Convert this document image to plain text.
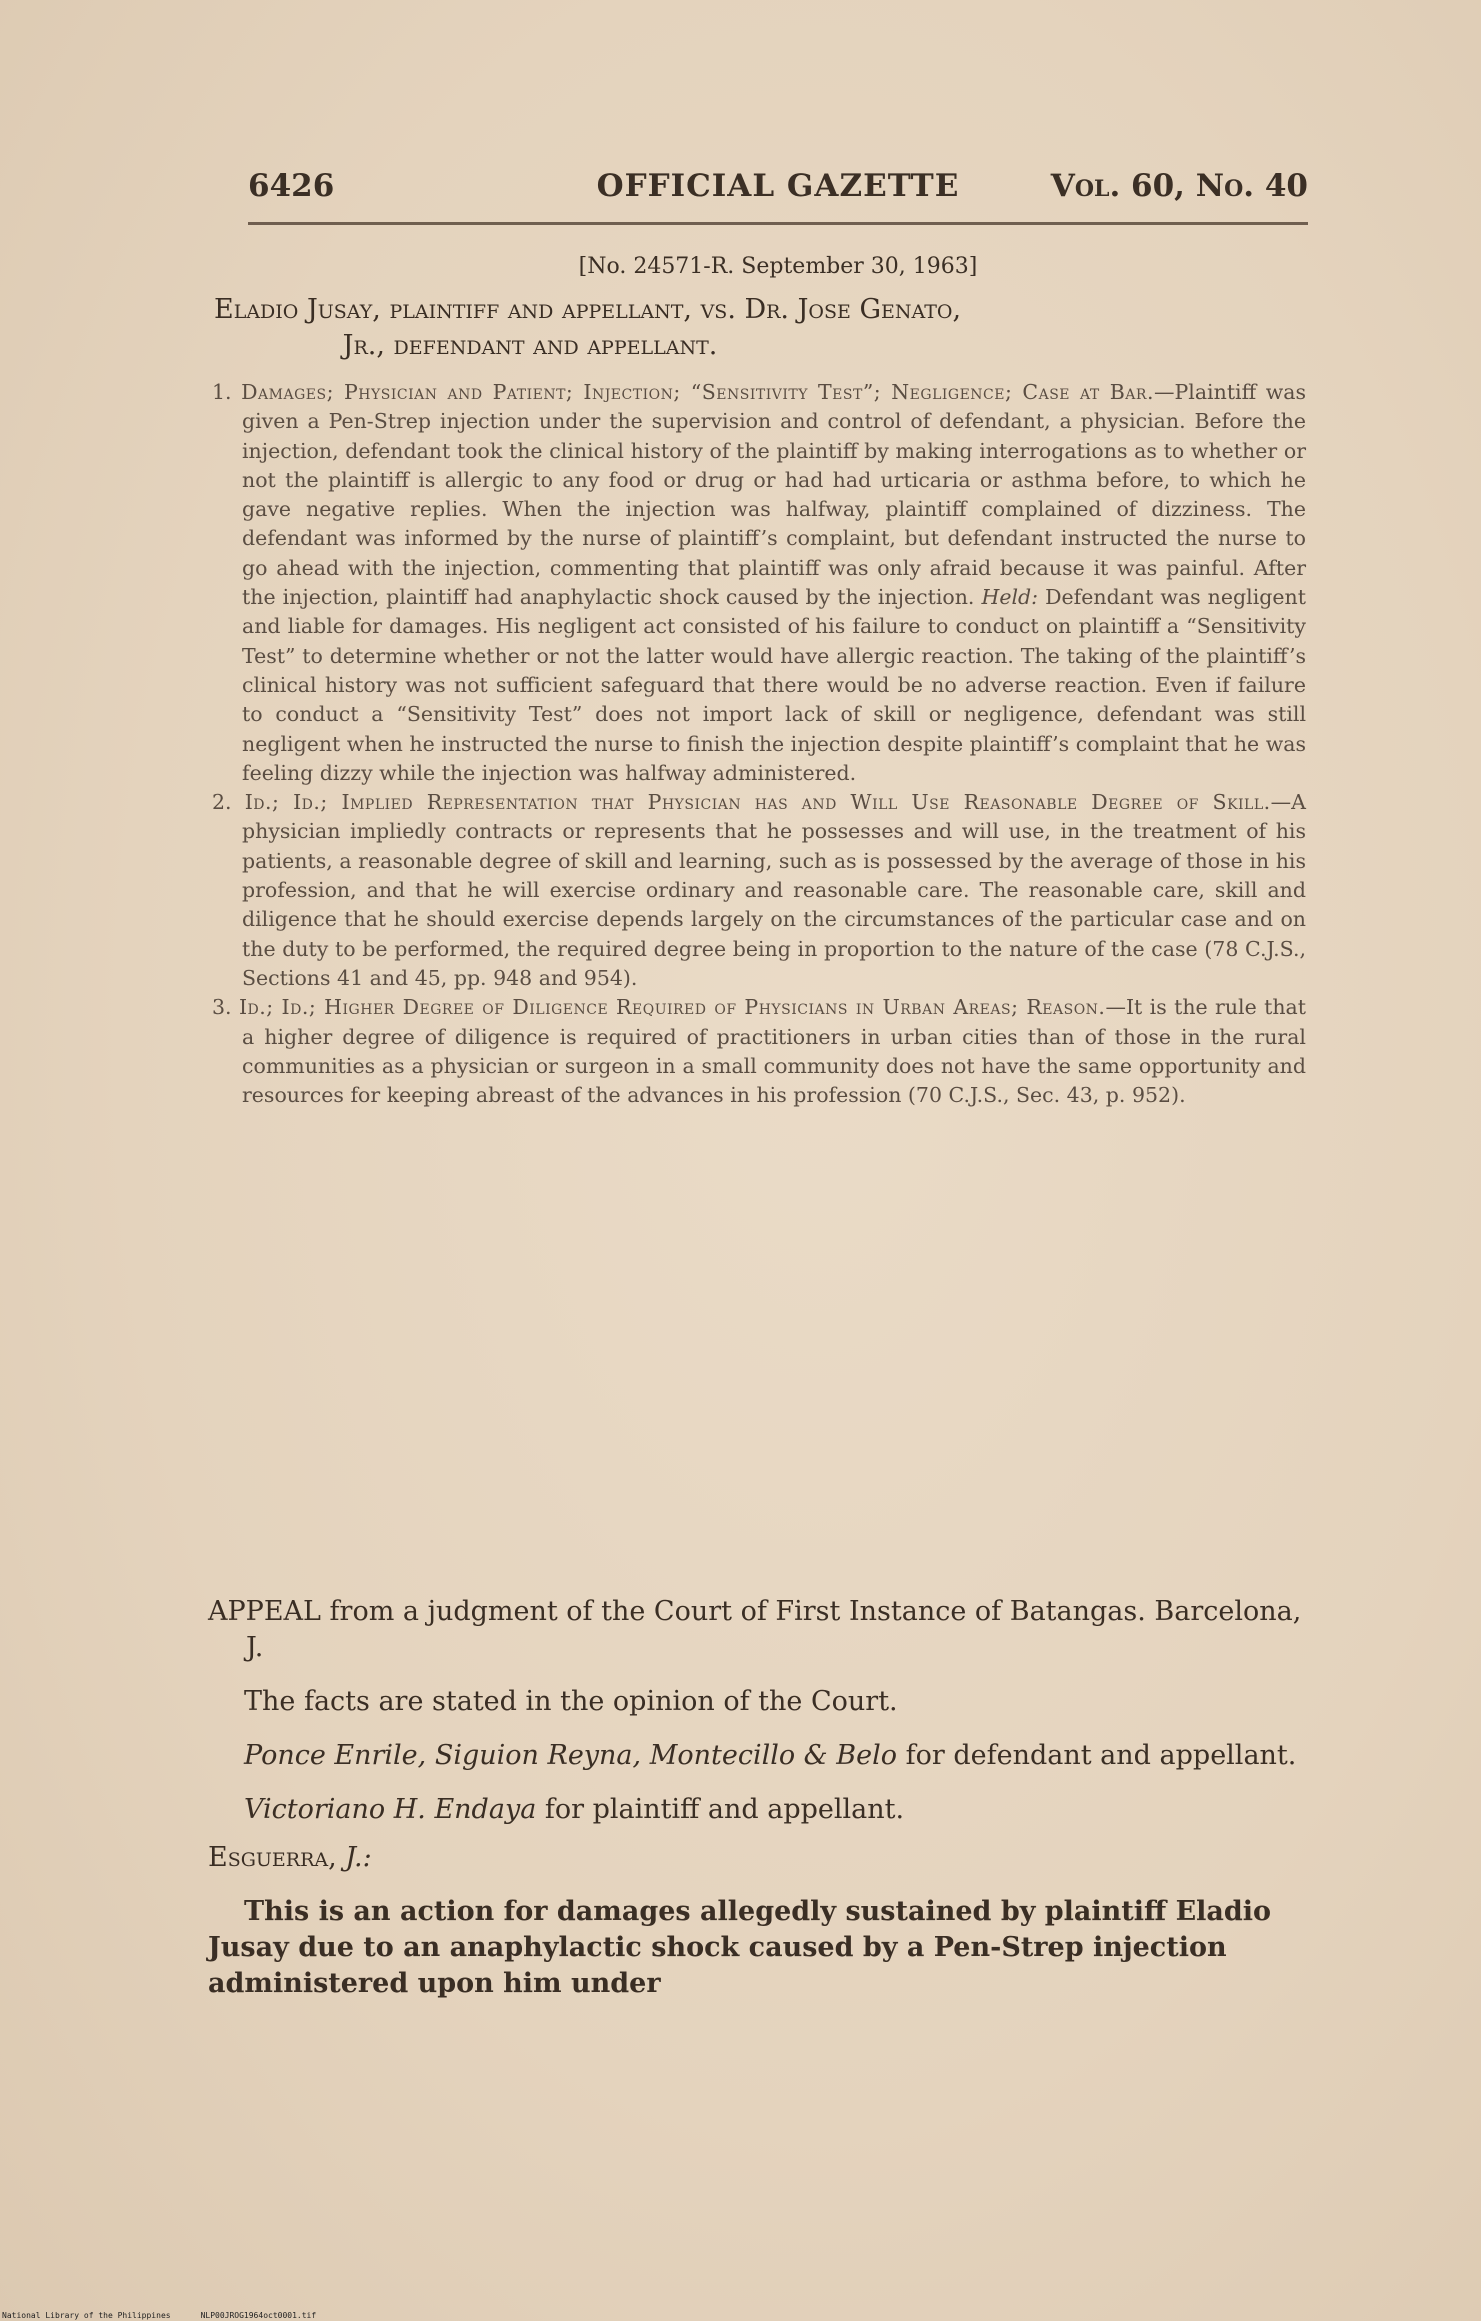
6426	OFFICIAL GAZETTE	Vol. 60, No. 40
[No. 24571-R. September 30, 1963]
Eladio Jusay, plaintiff and appellant, vs. Dr. Jose Genato,
Jr., defendant and appellant.

1. Damages; Physician and Patient; Injection; “Sensitivity Test”; Negligence; Case at Bar.—Plaintiff was given a Pen-Strep injection under the supervision and control of defendant, a physician. Before the injection, defendant took the clinical history of the plaintiff by making interrogations as to whether or not the plaintiff is allergic to any food or drug or had had urticaria or asthma before, to which he gave negative replies. When the injection was halfway, plaintiff complained of dizziness. The defendant was informed by the nurse of plaintiff’s complaint, but defendant instructed the nurse to go ahead with the injection, commenting that plaintiff was only afraid because it was painful. After the injection, plaintiff had anaphylactic shock caused by the injection. Held: Defendant was negligent and liable for damages. His negligent act consisted of his failure to conduct on plaintiff a “Sensitivity Test” to determine whether or not the latter would have allergic reaction. The taking of the plaintiff’s clinical history was not sufficient safeguard that there would be no adverse reaction. Even if failure to conduct a “Sensitivity Test” does not import lack of skill or negligence, defendant was still negligent when he instructed the nurse to finish the injection despite plaintiff’s complaint that he was feeling dizzy while the injection was halfway administered.

2. Id.; Id.; Implied Representation that Physician has and Will Use Reasonable Degree of Skill.—A physician impliedly contracts or represents that he possesses and will use, in the treatment of his patients, a reasonable degree of skill and learning, such as is possessed by the average of those in his profession, and that he will exercise ordinary and reasonable care. The reasonable care, skill and diligence that he should exercise depends largely on the circumstances of the particular case and on the duty to be performed, the required degree being in proportion to the nature of the case (78 C.J.S., Sections 41 and 45, pp. 948 and 954).

3. Id.; Id.; Higher Degree of Diligence Required of Physicians in Urban Areas; Reason.—It is the rule that a higher degree of diligence is required of practitioners in urban cities than of those in the rural communities as a physician or surgeon in a small community does not have the same opportunity and resources for keeping abreast of the advances in his profession (70 C.J.S., Sec. 43, p. 952).

APPEAL from a judgment of the Court of First Instance of Batangas. Barcelona, J.

The facts are stated in the opinion of the Court.

Ponce Enrile, Siguion Reyna, Montecillo & Belo for defendant and appellant.

Victoriano H. Endaya for plaintiff and appellant.

Esguerra, J.:

This is an action for damages allegedly sustained by plaintiff Eladio Jusay due to an anaphylactic shock caused by a Pen-Strep injection administered upon him under

National Library of the Philippines	NLP00JROG1964oct0001.tif
